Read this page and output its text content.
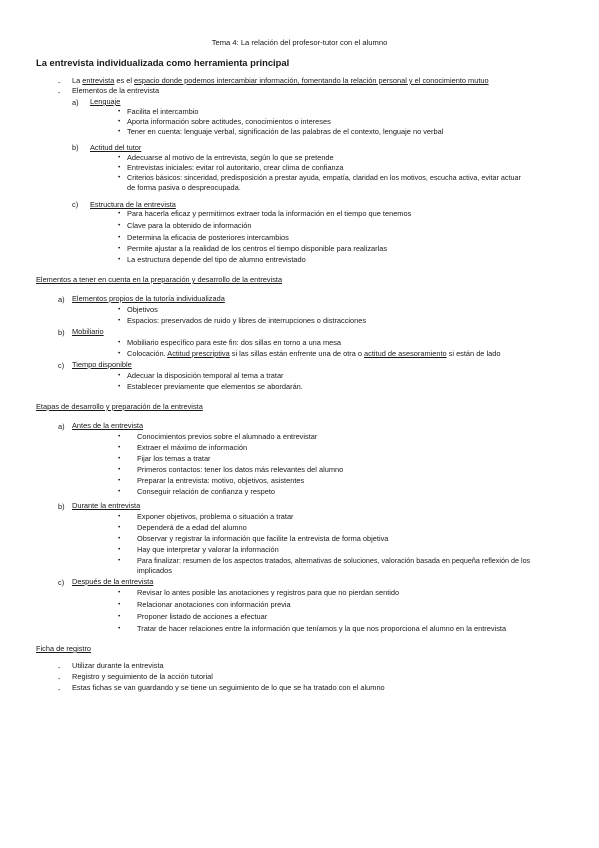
Tema 4: La relación del profesor-tutor con el alumno
La entrevista individualizada como herramienta principal
- La entrevista es el espacio donde podemos intercambiar información, fomentando la relación personal y el conocimiento mutuo
- Elementos de la entrevista
a) Lenguaje
• Facilita el intercambio
• Aporta información sobre actitudes, conocimientos o intereses
• Tener en cuenta: lenguaje verbal, significación de las palabras de el contexto, lenguaje no verbal
b) Actitud del tutor
• Adecuarse al motivo de la entrevista, según lo que se pretende
• Entrevistas iniciales: evitar rol autoritario, crear clima de confianza
• Criterios básicos: sinceridad, predisposición a prestar ayuda, empatía, claridad en los motivos, escucha activa, evitar actuar
de forma pasiva o despreocupada.
c) Estructura de la entrevista
• Para hacerla eficaz y permitirnos extraer toda la información en el tiempo que tenemos
• Clave para la obtenido de información
• Determina la eficacia de posteriores intercambios
• Permite ajustar a la realidad de los centros el tiempo disponible para realizarlas
• La estructura depende del tipo de alumno entrevistado
Elementos a tener en cuenta en la preparación y desarrollo de la entrevista
a) Elementos propios de la tutoría individualizada
• Objetivos
• Espacios: preservados de ruido y libres de interrupciones o distracciones
b) Mobiliario
• Mobiliario específico para este fin: dos sillas en torno a una mesa
• Colocación. Actitud prescriptiva si las sillas están enfrente una de otra o actitud de asesoramiento si están de lado
c) Tiempo disponible
• Adecuar la disposición temporal al tema a tratar
• Establecer previamente que elementos se abordarán.
Etapas de desarrollo y preparación de la entrevista
a) Antes de la entrevista
• Conocimientos previos sobre el alumnado a entrevistar
• Extraer el máximo de información
• Fijar los temas a tratar
• Primeros contactos: tener los datos más relevantes del alumno
• Preparar la entrevista: motivo, objetivos, asistentes
• Conseguir relación de confianza y respeto
b) Durante la entrevista
• Exponer objetivos, problema o situación a tratar
• Dependerá de a edad del alumno
• Observar y registrar la información que facilite la entrevista de forma objetiva
• Hay que interpretar y valorar la información
• Para finalizar: resumen de los aspectos tratados, alternativas de soluciones, valoración basada en pequeña reflexión de los
implicados
c) Después de la entrevista
• Revisar lo antes posible las anotaciones y registros para que no pierdan sentido
• Relacionar anotaciones con información previa
• Proponer listado de acciones a efectuar
• Tratar de hacer relaciones entre la información que teníamos y la que nos proporciona el alumno en la entrevista
Ficha de registro
- Utilizar durante la entrevista
- Registro y seguimiento de la acción tutorial
- Estas fichas se van guardando y se tiene un seguimiento de lo que se ha tratado con el alumno
